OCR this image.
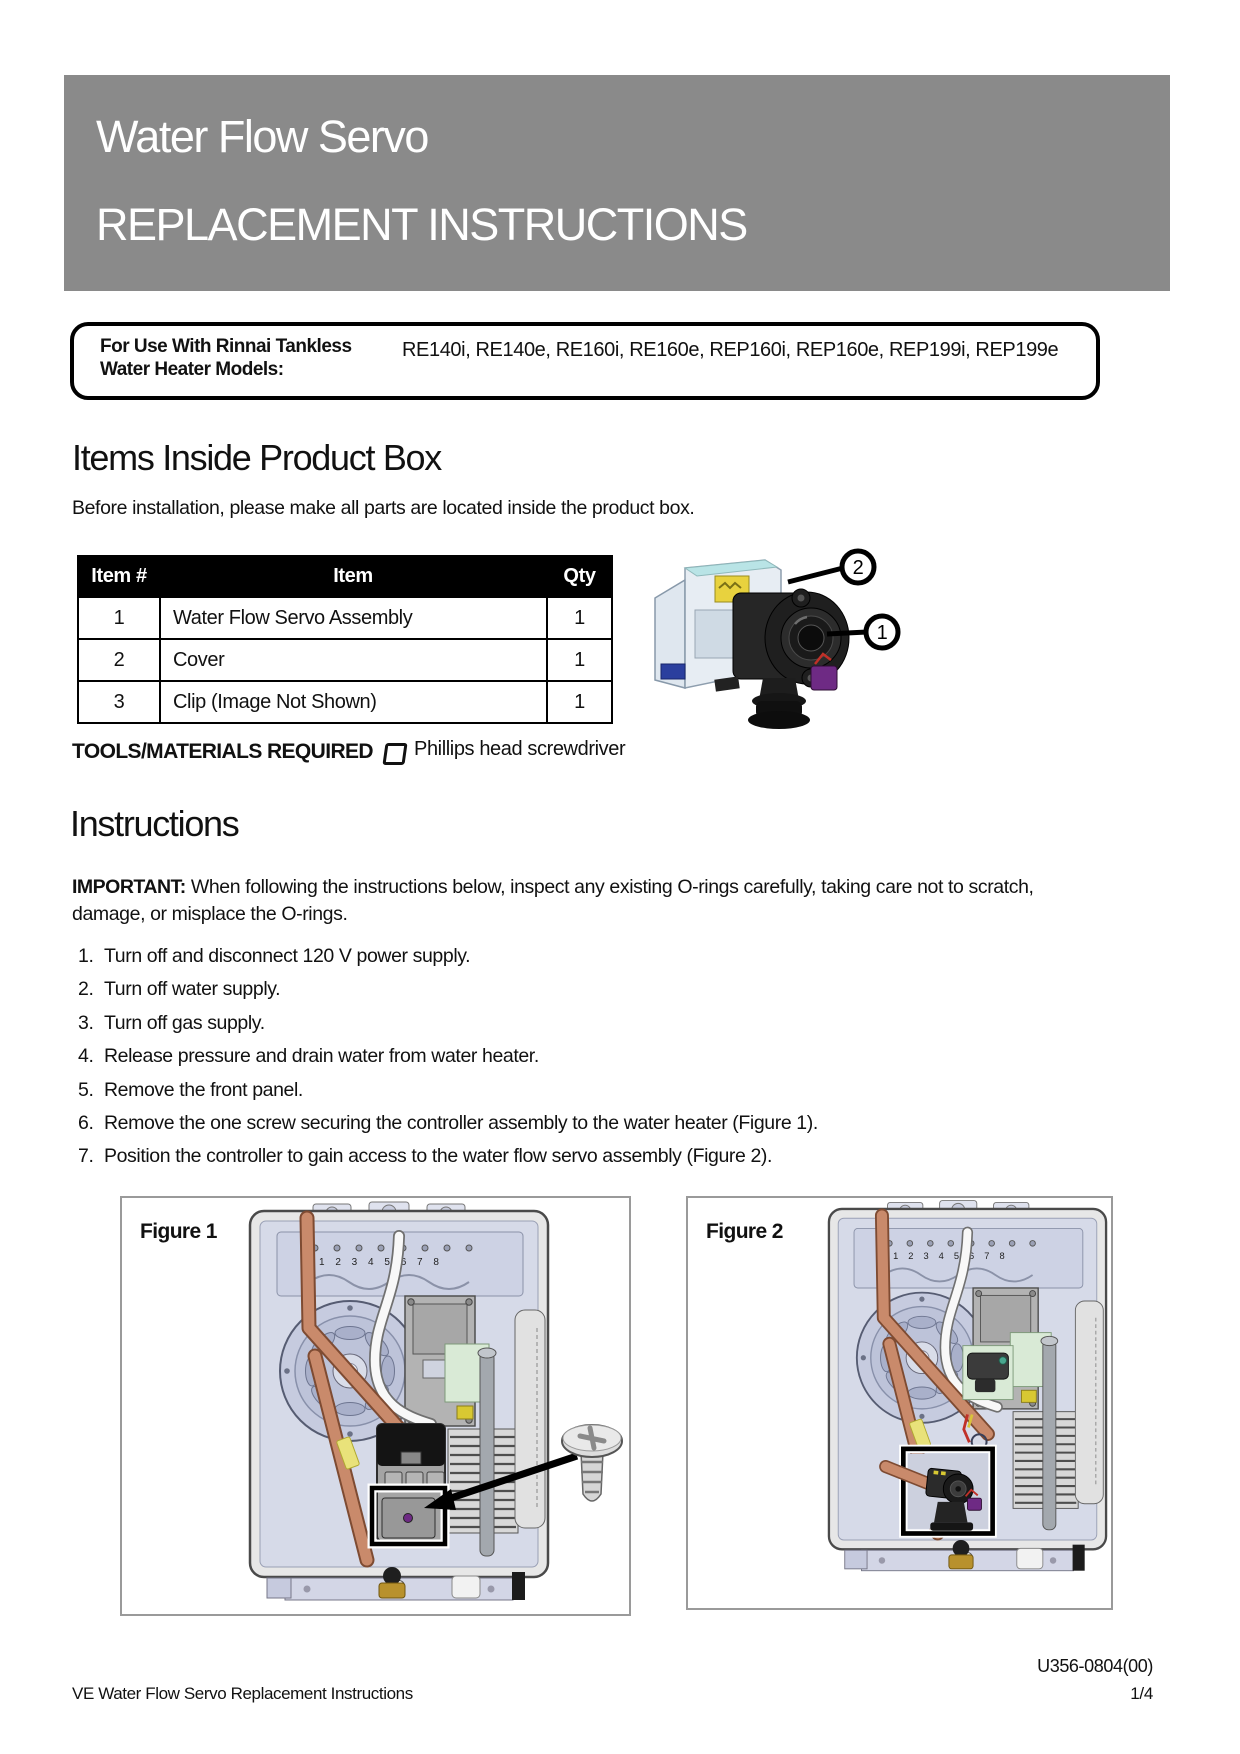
Water Flow Servo
REPLACEMENT INSTRUCTIONS
For Use With Rinnai Tankless
Water Heater Models:
RE140i, RE140e, RE160i, RE160e, REP160i, REP160e, REP199i, REP199e
Items Inside Product Box
Before installation, please make all parts are located inside the product box.
Item #	Item	Qty
1	Water Flow Servo Assembly	1
2	Cover	1
3	Clip (Image Not Shown)	1
2
1
TOOLS/MATERIALS REQUIRED Phillips head screwdriver
Instructions
IMPORTANT: When following the instructions below, inspect any existing O-rings carefully, taking care not to scratch, damage, or misplace the O-rings.
1. Turn off and disconnect 120 V power supply.
2. Turn off water supply.
3. Turn off gas supply.
4. Release pressure and drain water from water heater.
5. Remove the front panel.
6. Remove the one screw securing the controller assembly to the water heater (Figure 1).
7. Position the controller to gain access to the water flow servo assembly (Figure 2).
Figure 1	Figure 2
U356-0804(00)
VE Water Flow Servo Replacement Instructions	1/4
